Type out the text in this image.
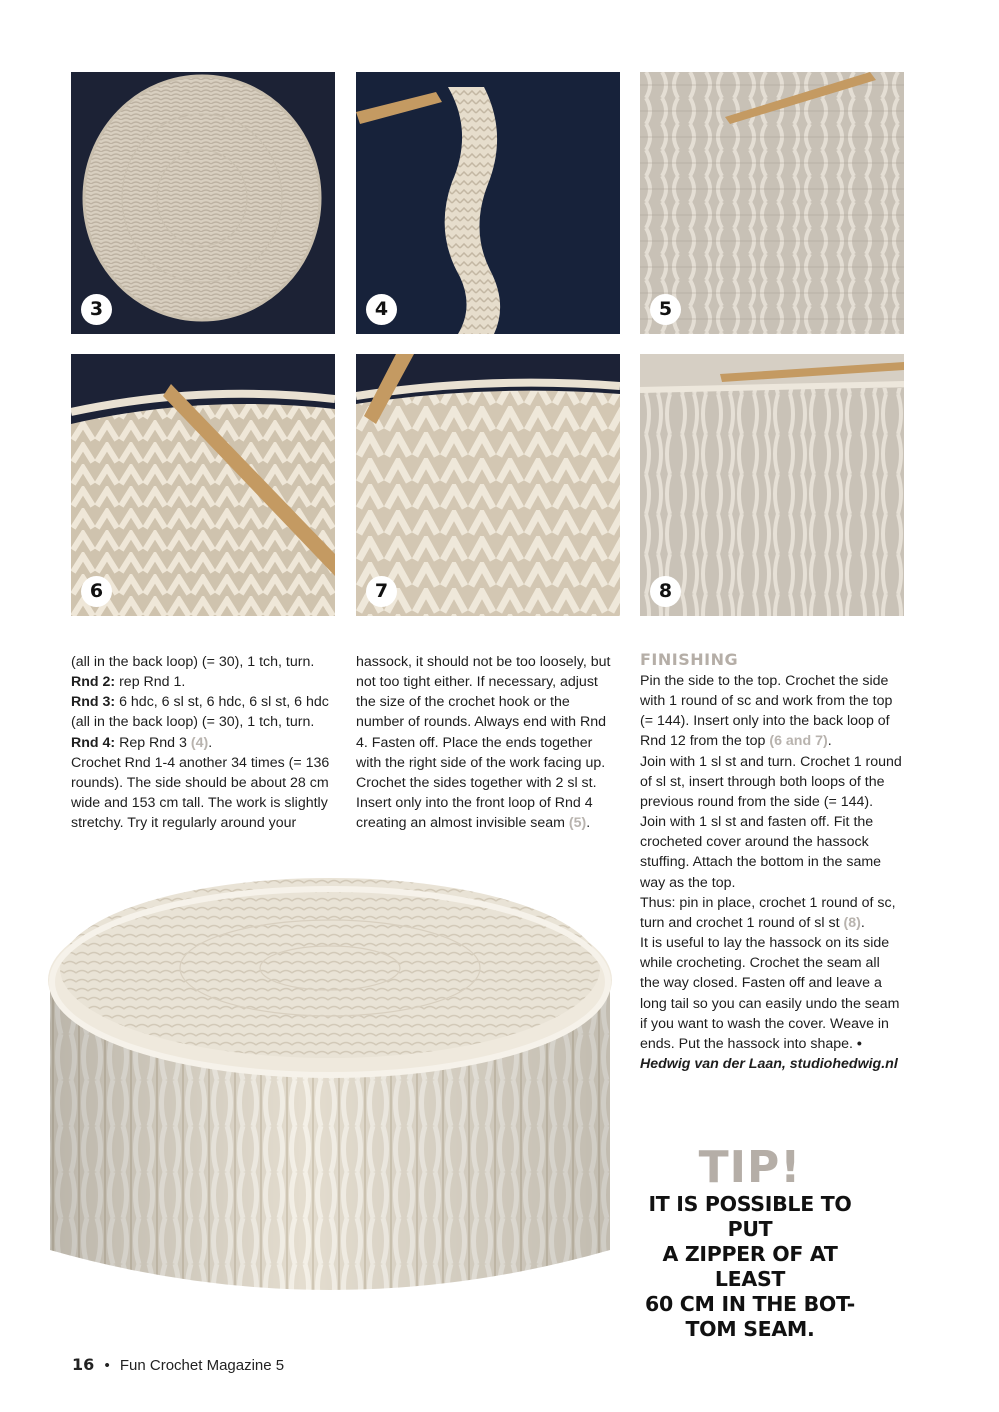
3	4	5
6	7	8

(all in the back loop) (= 30), 1 tch, turn.

Rnd 2: rep Rnd 1.

Rnd 3: 6 hdc, 6 sl st, 6 hdc, 6 sl st, 6 hdc

(all in the back loop) (= 30), 1 tch, turn.

Rnd 4: Rep Rnd 3 (4).

Crochet Rnd 1-4 another 34 times (= 136

rounds). The side should be about 28 cm

wide and 153 cm tall. The work is slightly

stretchy. Try it regularly around your

hassock, it should not be too loosely, but

not too tight either. If necessary, adjust

the size of the crochet hook or the

number of rounds. Always end with Rnd

4. Fasten off. Place the ends together

with the right side of the work facing up.

Crochet the sides together with 2 sl st.

Insert only into the front loop of Rnd 4

creating an almost invisible seam (5).

FINISHING

Pin the side to the top. Crochet the side

with 1 round of sc and work from the top

(= 144). Insert only into the back loop of

Rnd 12 from the top (6 and 7).

Join with 1 sl st and turn. Crochet 1 round

of sl st, insert through both loops of the

previous round from the side (= 144).

Join with 1 sl st and fasten off. Fit the

crocheted cover around the hassock

stuffing. Attach the bottom in the same

way as the top.

Thus: pin in place, crochet 1 round of sc,

turn and crochet 1 round of sl st (8).

It is useful to lay the hassock on its side

while crocheting. Crochet the seam all

the way closed. Fasten off and leave a

long tail so you can easily undo the seam

if you want to wash the cover. Weave in

ends. Put the hassock into shape. •

Hedwig van der Laan, studiohedwig.nl

TIP!
IT IS POSSIBLE TO PUT
A ZIPPER OF AT LEAST
60 CM IN THE BOT-
TOM SEAM.
16 • Fun Crochet Magazine 5
